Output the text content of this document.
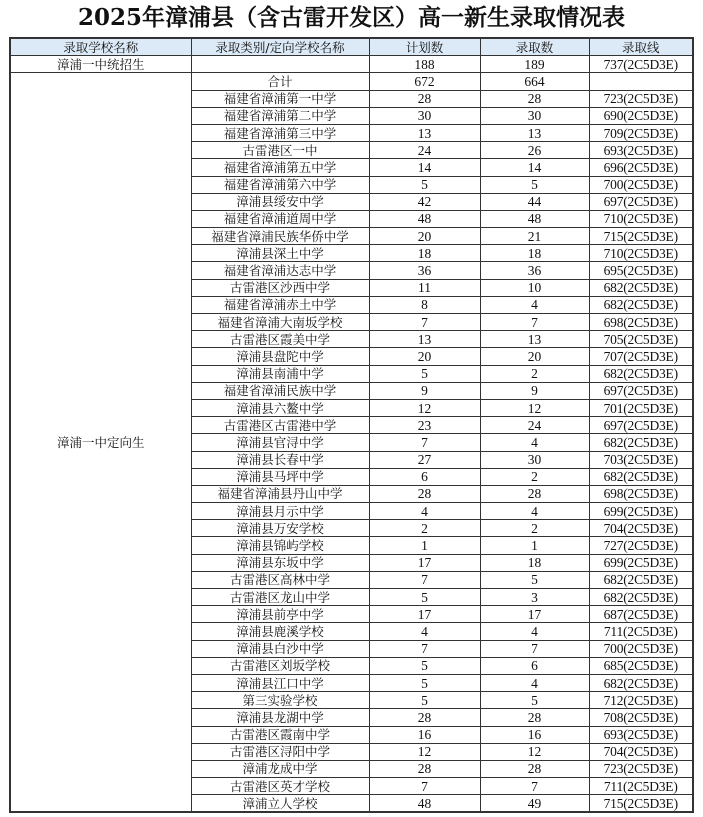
2025年漳浦县（含古雷开发区）高一新生录取情况表
录取学校名称	录取类别/定向学校名称	计划数	录取数	录取线
漳浦一中统招生		188	189	737(2C5D3E)
漳浦一中定向生	合计	672	664	
	福建省漳浦第一中学	28	28	723(2C5D3E)
	福建省漳浦第二中学	30	30	690(2C5D3E)
	福建省漳浦第三中学	13	13	709(2C5D3E)
	古雷港区一中	24	26	693(2C5D3E)
	福建省漳浦第五中学	14	14	696(2C5D3E)
	福建省漳浦第六中学	5	5	700(2C5D3E)
	漳浦县绥安中学	42	44	697(2C5D3E)
	福建省漳浦道周中学	48	48	710(2C5D3E)
	福建省漳浦民族华侨中学	20	21	715(2C5D3E)
	漳浦县深土中学	18	18	710(2C5D3E)
	福建省漳浦达志中学	36	36	695(2C5D3E)
	古雷港区沙西中学	11	10	682(2C5D3E)
	福建省漳浦赤土中学	8	4	682(2C5D3E)
	福建省漳浦大南坂学校	7	7	698(2C5D3E)
	古雷港区霞美中学	13	13	705(2C5D3E)
	漳浦县盘陀中学	20	20	707(2C5D3E)
	漳浦县南浦中学	5	2	682(2C5D3E)
	福建省漳浦民族中学	9	9	697(2C5D3E)
	漳浦县六鳌中学	12	12	701(2C5D3E)
	古雷港区古雷港中学	23	24	697(2C5D3E)
	漳浦县官浔中学	7	4	682(2C5D3E)
	漳浦县长春中学	27	30	703(2C5D3E)
	漳浦县马坪中学	6	2	682(2C5D3E)
	福建省漳浦县丹山中学	28	28	698(2C5D3E)
	漳浦县月示中学	4	4	699(2C5D3E)
	漳浦县万安学校	2	2	704(2C5D3E)
	漳浦县锦屿学校	1	1	727(2C5D3E)
	漳浦县东坂中学	17	18	699(2C5D3E)
	古雷港区高林中学	7	5	682(2C5D3E)
	古雷港区龙山中学	5	3	682(2C5D3E)
	漳浦县前亭中学	17	17	687(2C5D3E)
	漳浦县鹿溪学校	4	4	711(2C5D3E)
	漳浦县白沙中学	7	7	700(2C5D3E)
	古雷港区刘坂学校	5	6	685(2C5D3E)
	漳浦县江口中学	5	4	682(2C5D3E)
	第三实验学校	5	5	712(2C5D3E)
	漳浦县龙湖中学	28	28	708(2C5D3E)
	古雷港区霞南中学	16	16	693(2C5D3E)
	古雷港区浔阳中学	12	12	704(2C5D3E)
	漳浦龙成中学	28	28	723(2C5D3E)
	古雷港区英才学校	7	7	711(2C5D3E)
	漳浦立人学校	48	49	715(2C5D3E)
